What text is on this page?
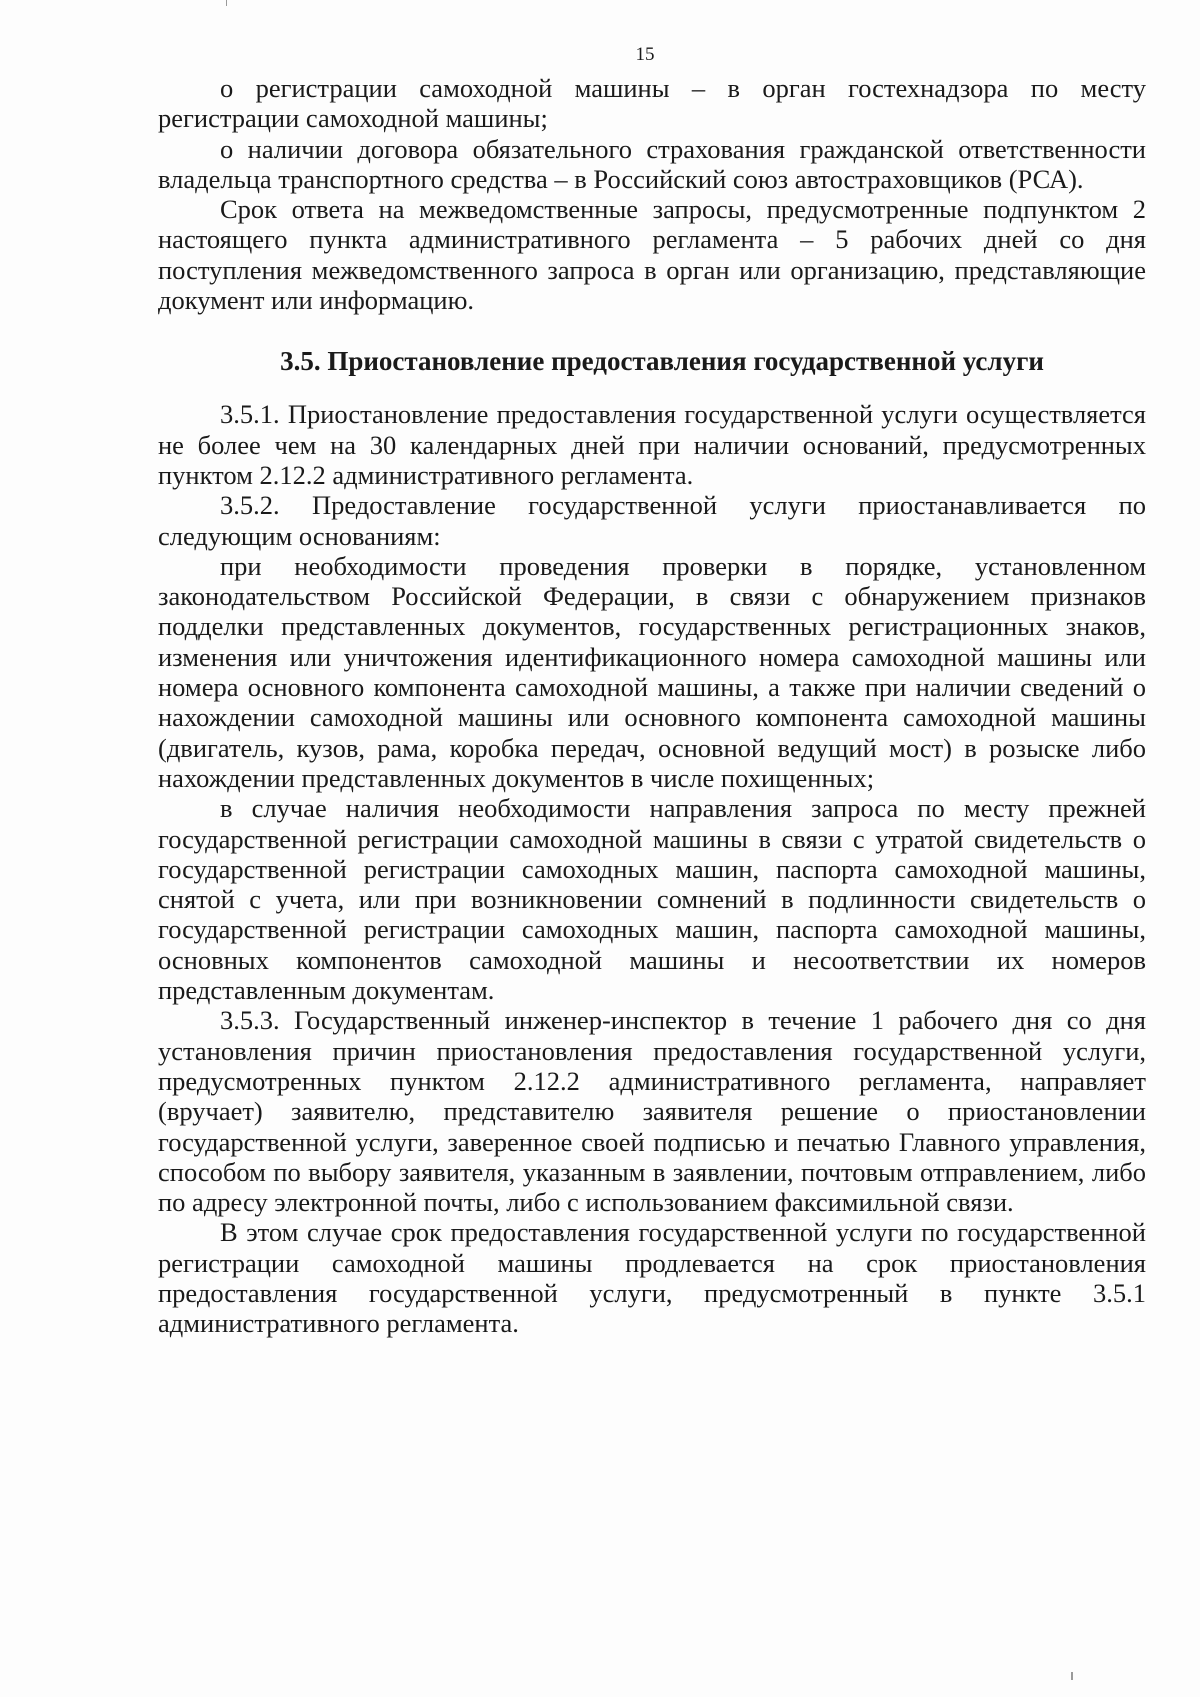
15

о регистрации самоходной машины – в орган гостехнадзора по месту регистрации самоходной машины;

о наличии договора обязательного страхования гражданской ответственности владельца транспортного средства – в Российский союз автостраховщиков (РСА).

Срок ответа на межведомственные запросы, предусмотренные подпунктом 2 настоящего пункта административного регламента – 5 рабочих дней со дня поступления межведомственного запроса в орган или организацию, представляющие документ или информацию.

3.5. Приостановление предоставления государственной услуги

3.5.1. Приостановление предоставления государственной услуги осуществляется не более чем на 30 календарных дней при наличии оснований, предусмотренных пунктом 2.12.2 административного регламента.

3.5.2. Предоставление государственной услуги приостанавливается по следующим основаниям:

при необходимости проведения проверки в порядке, установленном законодательством Российской Федерации, в связи с обнаружением признаков подделки представленных документов, государственных регистрационных знаков, изменения или уничтожения идентификационного номера самоходной машины или номера основного компонента самоходной машины, а также при наличии сведений о нахождении самоходной машины или основного компонента самоходной машины (двигатель, кузов, рама, коробка передач, основной ведущий мост) в розыске либо нахождении представленных документов в числе похищенных;

в случае наличия необходимости направления запроса по месту прежней государственной регистрации самоходной машины в связи с утратой свидетельств о государственной регистрации самоходных машин, паспорта самоходной машины, снятой с учета, или при возникновении сомнений в подлинности свидетельств о государственной регистрации самоходных машин, паспорта самоходной машины, основных компонентов самоходной машины и несоответствии их номеров представленным документам.

3.5.3. Государственный инженер-инспектор в течение 1 рабочего дня со дня установления причин приостановления предоставления государственной услуги, предусмотренных пунктом 2.12.2 административного регламента, направляет (вручает) заявителю, представителю заявителя решение о приостановлении государственной услуги, заверенное своей подписью и печатью Главного управления, способом по выбору заявителя, указанным в заявлении, почтовым отправлением, либо по адресу электронной почты, либо с использованием факсимильной связи.

В этом случае срок предоставления государственной услуги по государственной регистрации самоходной машины продлевается на срок приостановления предоставления государственной услуги, предусмотренный в пункте 3.5.1 административного регламента.
